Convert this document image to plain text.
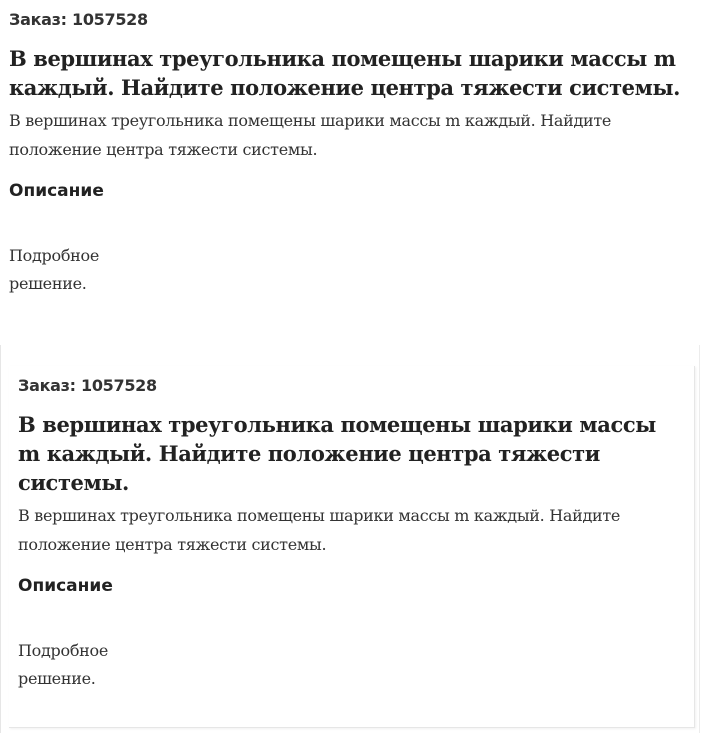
Заказ: 1057528

В вершинах треугольника помещены шарики массы m каждый. Найдите положение центра тяжести системы.

В вершинах треугольника помещены шарики массы m каждый. Найдите положение центра тяжести системы.

Описание

Подробное решение.

Заказ: 1057528

В вершинах треугольника помещены шарики массы m каждый. Найдите положение центра тяжести системы.

В вершинах треугольника помещены шарики массы m каждый. Найдите положение центра тяжести системы.

Описание

Подробное решение.
